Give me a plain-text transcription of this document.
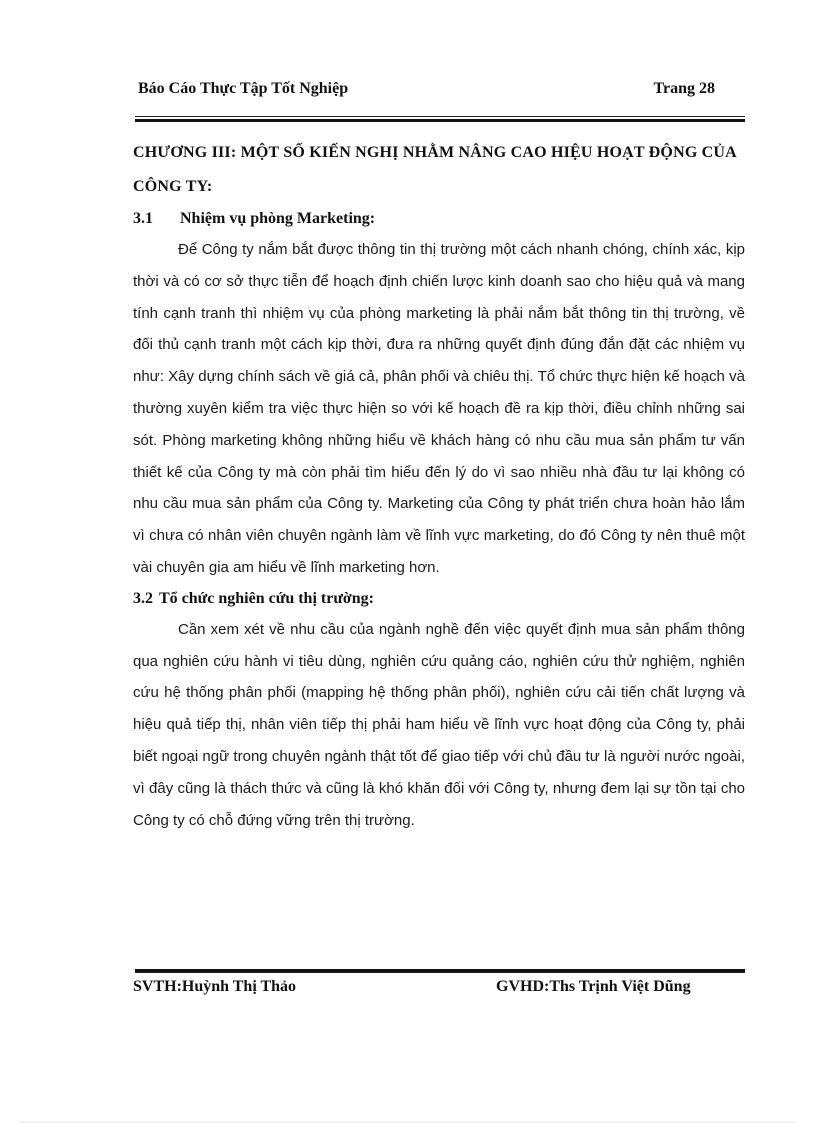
Báo Cáo Thực Tập Tốt Nghiệp	Trang 28

CHƯƠNG III: MỘT SỐ KIẾN NGHỊ NHẰM NÂNG CAO HIỆU HOẠT ĐỘNG CỦA CÔNG TY:

3.1 Nhiệm vụ phòng Marketing:

Để Công ty nắm bắt được thông tin thị trường một cách nhanh chóng, chính xác, kịp thời và có cơ sở thực tiễn để hoạch định chiến lược kinh doanh sao cho hiệu quả và mang tính cạnh tranh thì nhiệm vụ của phòng marketing là phải nắm bắt thông tin thị trường, về đối thủ cạnh tranh một cách kịp thời, đưa ra những quyết định đúng đắn đặt các nhiệm vụ như: Xây dựng chính sách về giá cả, phân phối và chiêu thị. Tổ chức thực hiện kế hoạch và thường xuyên kiểm tra việc thực hiện so với kế hoạch đề ra kịp thời, điều chỉnh những sai sót. Phòng marketing không những hiểu về khách hàng có nhu cầu mua sản phẩm tư vấn thiết kế của Công ty mà còn phải tìm hiểu đến lý do vì sao nhiều nhà đầu tư lại không có nhu cầu mua sản phẩm của Công ty. Marketing của Công ty phát triển chưa hoàn hảo lắm vì chưa có nhân viên chuyên ngành làm về lĩnh vực marketing, do đó Công ty nên thuê một vài chuyên gia am hiểu về lĩnh marketing hơn.

3.2 Tổ chức nghiên cứu thị trường:

Cần xem xét về nhu cầu của ngành nghề đến việc quyết định mua sản phẩm thông qua nghiên cứu hành vi tiêu dùng, nghiên cứu quảng cáo, nghiên cứu thử nghiệm, nghiên cứu hệ thống phân phối (mapping hệ thống phân phối), nghiên cứu cải tiến chất lượng và hiệu quả tiếp thị, nhân viên tiếp thị phải ham hiểu về lĩnh vực hoạt động của Công ty, phải biết ngoại ngữ trong chuyên ngành thật tốt để giao tiếp với chủ đầu tư là người nước ngoài, vì đây cũng là thách thức và cũng là khó khăn đối với Công ty, nhưng đem lại sự tồn tại cho Công ty có chỗ đứng vững trên thị trường.

SVTH:Huỳnh Thị Thảo	GVHD:Ths Trịnh Việt Dũng
